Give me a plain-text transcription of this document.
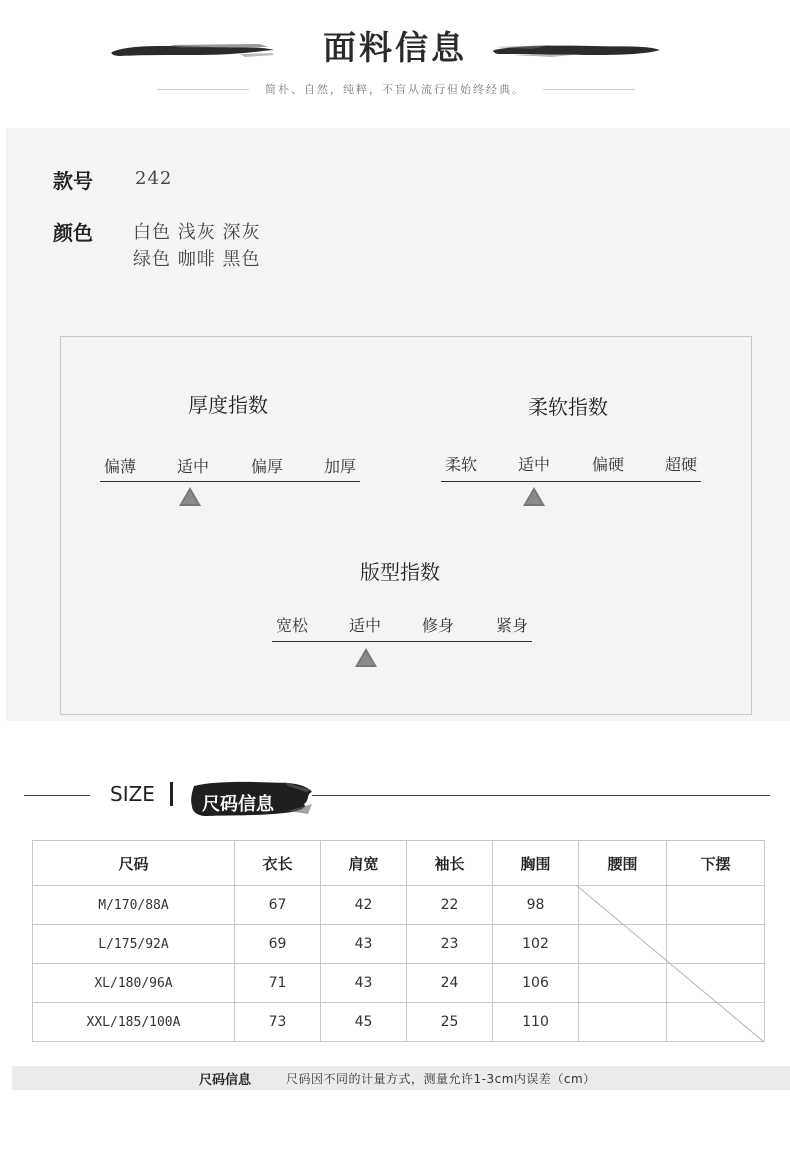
面料信息
简朴、自然，纯粹，不盲从流行但始终经典。
款号 242
颜色 白色 浅灰 深灰
绿色 咖啡 黑色
厚度指数
偏薄	适中	偏厚	加厚
柔软指数
柔软	适中	偏硬	超硬
版型指数
宽松	适中	修身	紧身
SIZE	尺码信息
尺码	衣长	肩宽	袖长	胸围	腰围	下摆
M/170/88A	67	42	22	98		
L/175/92A	69	43	23	102		
XL/180/96A	71	43	24	106		
XXL/185/100A	73	45	25	110		
尺码信息	尺码因不同的计量方式，测量允许1-3cm内误差（cm）
